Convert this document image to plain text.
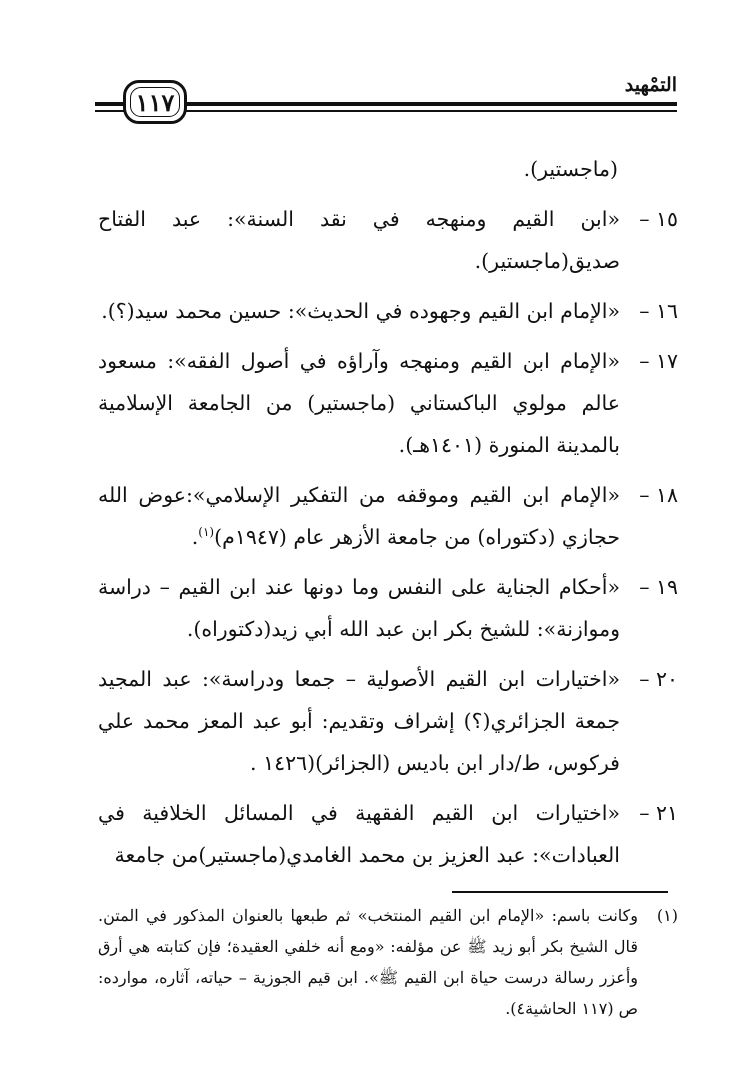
١١٧
التمْهيد

(ماجستير).

١٥ –
«ابن القيم ومنهجه في نقد السنة»: عبد الفتاح صديق(ماجستير).
١٦ –
«الإمام ابن القيم وجهوده في الحديث»: حسين محمد سيد(؟).
١٧ –
«الإمام ابن القيم ومنهجه وآراؤه في أصول الفقه»: مسعود عالم مولوي الباكستاني (ماجستير) من الجامعة الإسلامية بالمدينة المنورة (١٤٠١هـ).
١٨ –
«الإمام ابن القيم وموقفه من التفكير الإسلامي»:عوض الله حجازي (دكتوراه) من جامعة الأزهر عام (١٩٤٧م)$^{(١)}$.
١٩ –
«أحكام الجناية على النفس وما دونها عند ابن القيم – دراسة وموازنة»: للشيخ بكر ابن عبد الله أبي زيد(دكتوراه).
٢٠ –
«اختيارات ابن القيم الأصولية – جمعا ودراسة»: عبد المجيد جمعة الجزائري(؟) إشراف وتقديم: أبو عبد المعز محمد علي فركوس، ط/دار ابن باديس (الجزائر)(١٤٢٦ .
٢١ –
«اختيارات ابن القيم الفقهية في المسائل الخلافية في العبادات»: عبد العزيز بن محمد الغامدي(ماجستير)من جامعة
(١)
وكانت باسم: «الإمام ابن القيم المنتخب» ثم طبعها بالعنوان المذكور في المتن. قال الشيخ بكر أبو زيد ﷺ عن مؤلفه: «ومع أنه خلفي العقيدة؛ فإن كتابته هي أرق وأعزر رسالة درست حياة ابن القيم ﷺ». ابن قيم الجوزية – حياته، آثاره، موارده: ص (١١٧ الحاشية٤).
